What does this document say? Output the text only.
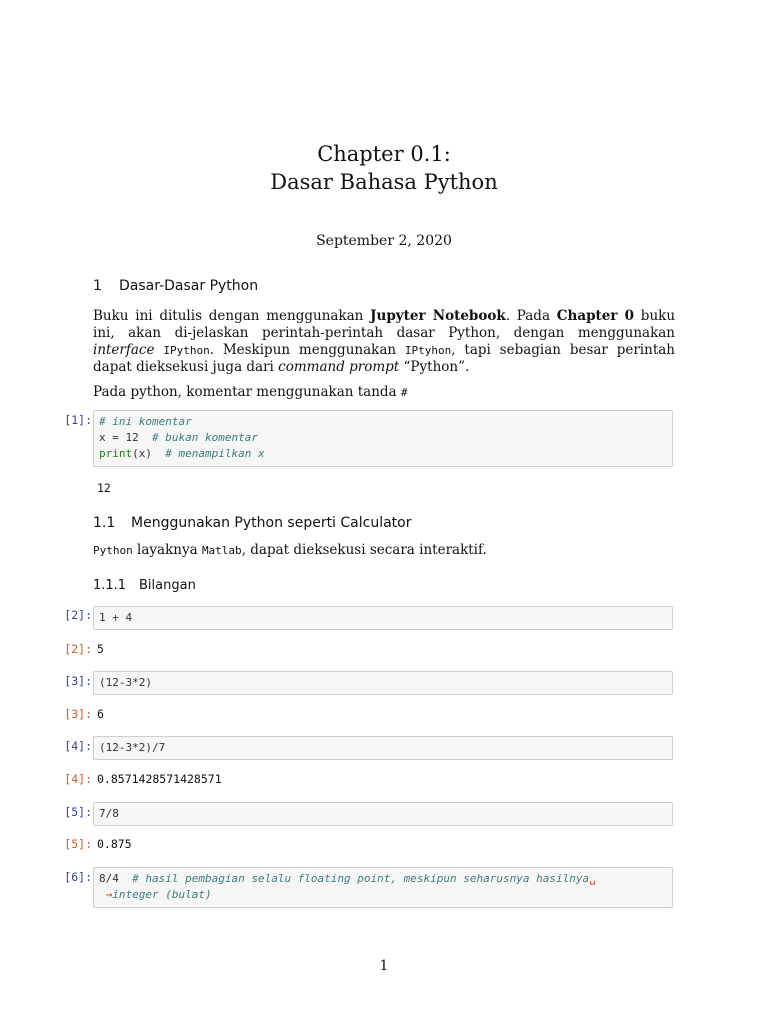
Chapter 0.1:
Dasar Bahasa Python
September 2, 2020
1 Dasar-Dasar Python
Buku ini ditulis dengan menggunakan Jupyter Notebook. Pada Chapter 0 buku ini, akan di-jelaskan perintah-perintah dasar Python, dengan menggunakan interface IPython. Meskipun menggunakan IPtyhon, tapi sebagian besar perintah dapat dieksekusi juga dari command prompt “Python”.
Pada python, komentar menggunakan tanda #
[1]: # ini komentar
x = 12  # bukan komentar
print(x)  # menampilkan x
12
1.1 Menggunakan Python seperti Calculator
Python layaknya Matlab, dapat dieksekusi secara interaktif.
1.1.1 Bilangan
[2]: 1 + 4
[2]: 5
[3]: (12-3*2)
[3]: 6
[4]: (12-3*2)/7
[4]: 0.8571428571428571
[5]: 7/8
[5]: 0.875
[6]: 8/4  # hasil pembagian selalu floating point, meskipun seharusnya hasilnya␣
→integer (bulat)
1
